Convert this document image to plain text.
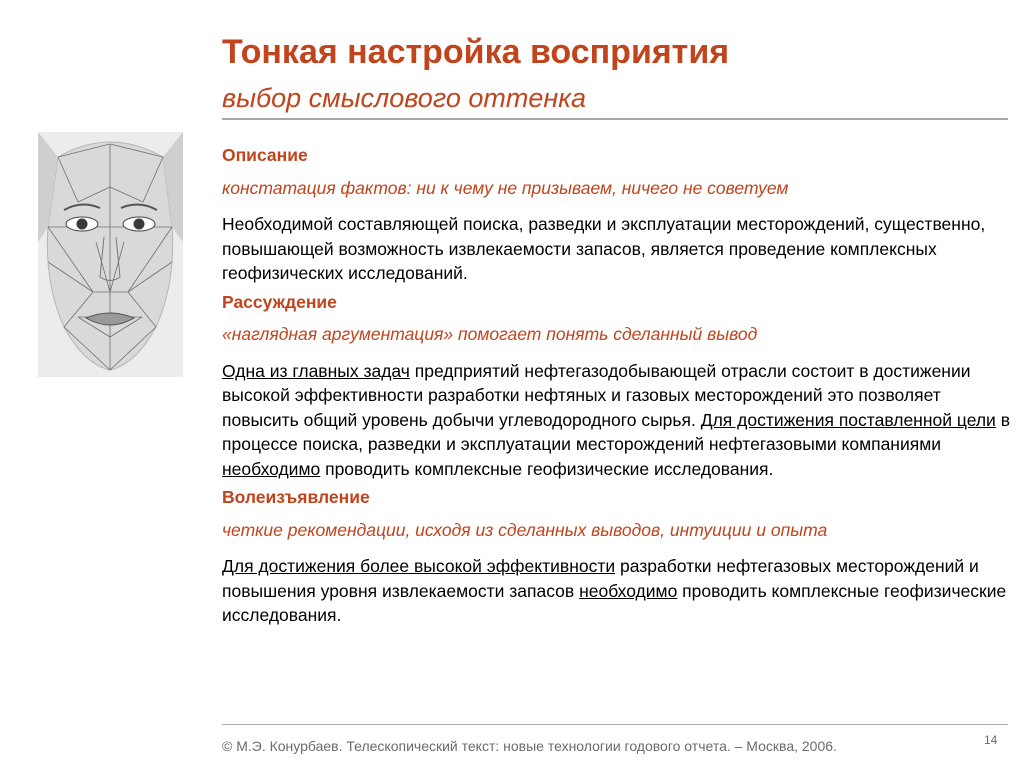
Тонкая настройка восприятия
выбор смыслового оттенка

Описание

констатация фактов: ни к чему не призываем, ничего не советуем

Необходимой составляющей поиска, разведки и эксплуатации месторождений, существенно, повышающей возможность извлекаемости запасов, является проведение комплексных геофизических исследований.

Рассуждение

«наглядная аргументация» помогает понять сделанный вывод

Одна из главных задач предприятий нефтегазодобывающей отрасли состоит в достижении высокой эффективности разработки нефтяных и газовых месторождений это позволяет повысить общий уровень добычи углеводородного сырья. Для достижения поставленной цели в процессе поиска, разведки и эксплуатации месторождений нефтегазовыми компаниями необходимо проводить комплексные геофизические исследования.

Волеизъявление

четкие рекомендации, исходя из сделанных выводов, интуиции и опыта

Для достижения более высокой эффективности разработки нефтегазовых месторождений и повышения уровня извлекаемости запасов необходимо проводить комплексные геофизические исследования.

© М.Э. Конурбаев. Телескопический текст: новые технологии годового отчета. – Москва, 2006.	14
